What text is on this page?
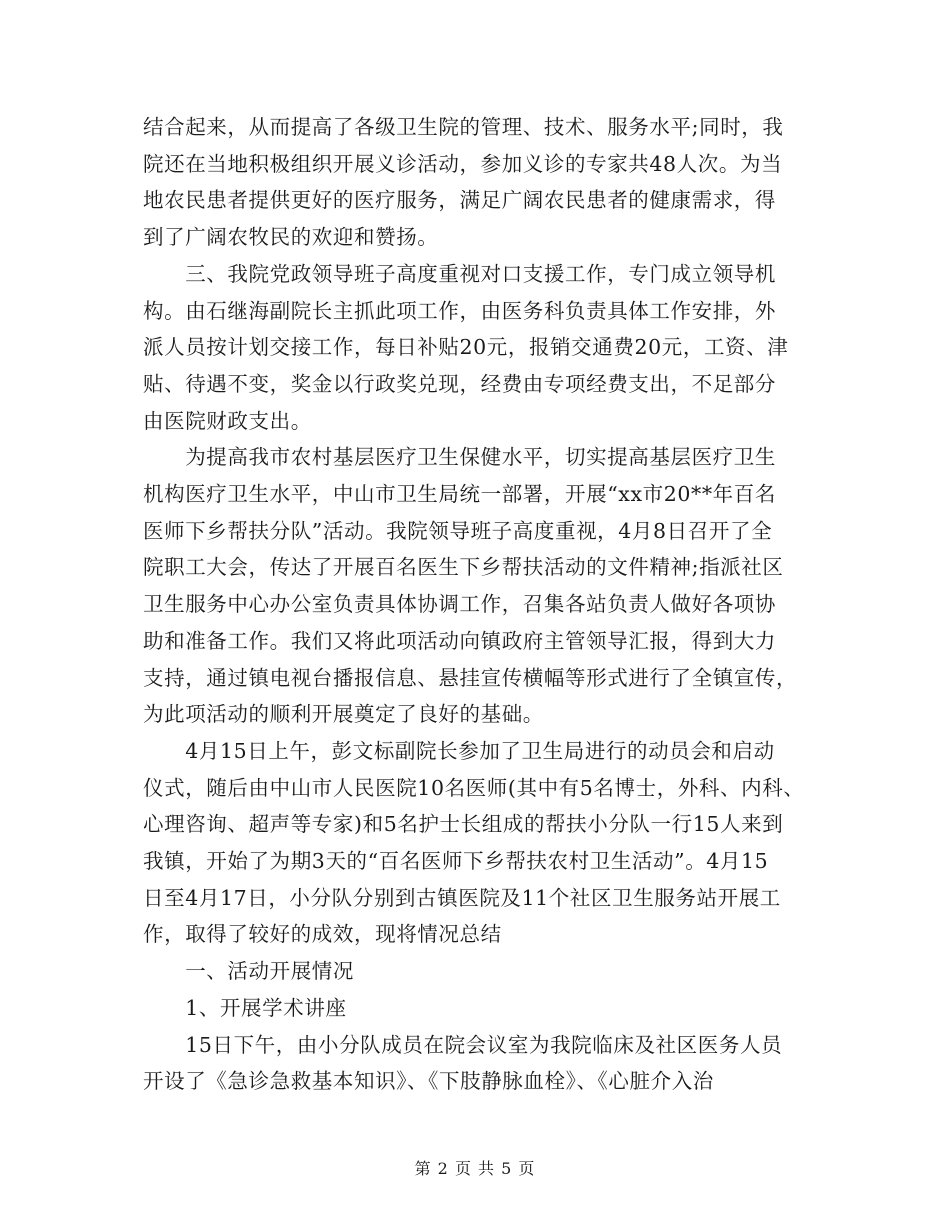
结合起来，从而提高了各级卫生院的管理、技术、服务水平;同时，我
院还在当地积极组织开展义诊活动，参加义诊的专家共48人次。为当
地农民患者提供更好的医疗服务，满足广阔农民患者的健康需求，得
到了广阔农牧民的欢迎和赞扬。
　　三、我院党政领导班子高度重视对口支援工作，专门成立领导机
构。由石继海副院长主抓此项工作，由医务科负责具体工作安排，外
派人员按计划交接工作，每日补贴20元，报销交通费20元，工资、津
贴、待遇不变，奖金以行政奖兑现，经费由专项经费支出，不足部分
由医院财政支出。
　　为提高我市农村基层医疗卫生保健水平，切实提高基层医疗卫生
机构医疗卫生水平，中山市卫生局统一部署，开展“xx市20**年百名
医师下乡帮扶分队”活动。我院领导班子高度重视，4月8日召开了全
院职工大会，传达了开展百名医生下乡帮扶活动的文件精神;指派社区
卫生服务中心办公室负责具体协调工作，召集各站负责人做好各项协
助和准备工作。我们又将此项活动向镇政府主管领导汇报，得到大力
支持，通过镇电视台播报信息、悬挂宣传横幅等形式进行了全镇宣传，
为此项活动的顺利开展奠定了良好的基础。
　　4月15日上午，彭文标副院长参加了卫生局进行的动员会和启动
仪式，随后由中山市人民医院10名医师(其中有5名博士，外科、内科、
心理咨询、超声等专家)和5名护士长组成的帮扶小分队一行15人来到
我镇，开始了为期3天的“百名医师下乡帮扶农村卫生活动”。4月15
日至4月17日，小分队分别到古镇医院及11个社区卫生服务站开展工
作，取得了较好的成效，现将情况总结
　　一、活动开展情况
　　1、开展学术讲座
　　15日下午，由小分队成员在院会议室为我院临床及社区医务人员
开设了《急诊急救基本知识》、《下肢静脉血栓》、《心脏介入治
第 2 页 共 5 页
